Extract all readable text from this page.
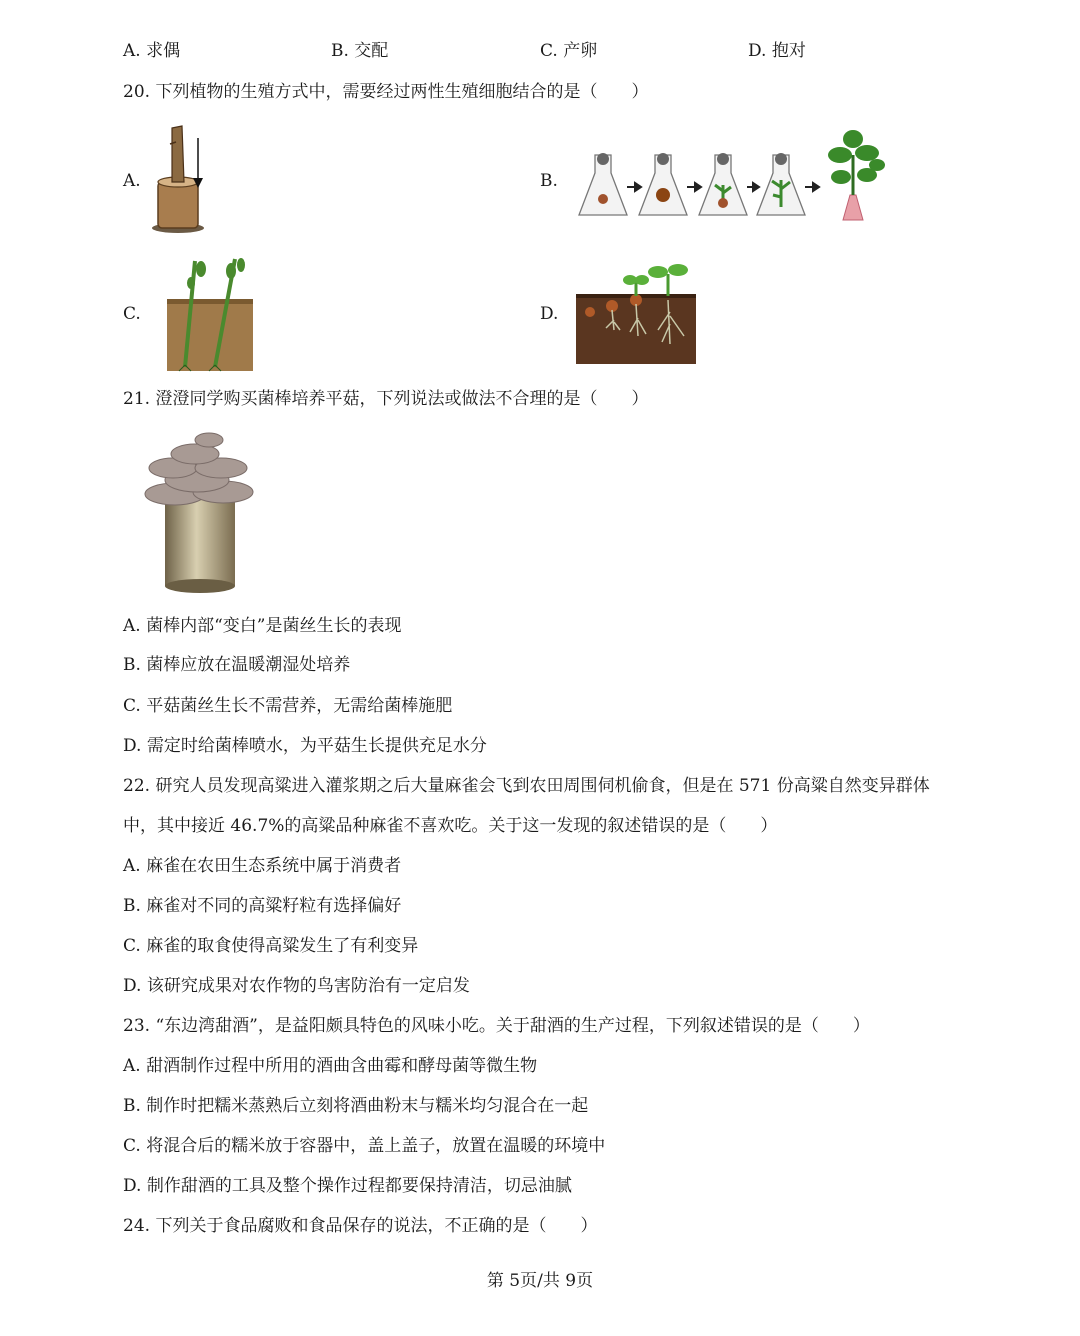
A. 求偶	B. 交配	C. 产卵	D. 抱对
20. 下列植物的生殖方式中，需要经过两性生殖细胞结合的是（　　）
A.	B.
C.	D.
21. 澄澄同学购买菌棒培养平菇，下列说法或做法不合理的是（　　）
A. 菌棒内部“变白”是菌丝生长的表现
B. 菌棒应放在温暖潮湿处培养
C. 平菇菌丝生长不需营养，无需给菌棒施肥
D. 需定时给菌棒喷水，为平菇生长提供充足水分
22. 研究人员发现高粱进入灌浆期之后大量麻雀会飞到农田周围伺机偷食，但是在 571 份高粱自然变异群体
中，其中接近 46.7%的高粱品种麻雀不喜欢吃。关于这一发现的叙述错误的是（　　）
A. 麻雀在农田生态系统中属于消费者
B. 麻雀对不同的高粱籽粒有选择偏好
C. 麻雀的取食使得高粱发生了有利变异
D. 该研究成果对农作物的鸟害防治有一定启发
23. “东边湾甜酒”，是益阳颇具特色的风味小吃。关于甜酒的生产过程，下列叙述错误的是（　　）
A. 甜酒制作过程中所用的酒曲含曲霉和酵母菌等微生物
B. 制作时把糯米蒸熟后立刻将酒曲粉末与糯米均匀混合在一起
C. 将混合后的糯米放于容器中，盖上盖子，放置在温暖的环境中
D. 制作甜酒的工具及整个操作过程都要保持清洁，切忌油腻
24. 下列关于食品腐败和食品保存的说法，不正确的是（　　）
第 5页/共 9页
